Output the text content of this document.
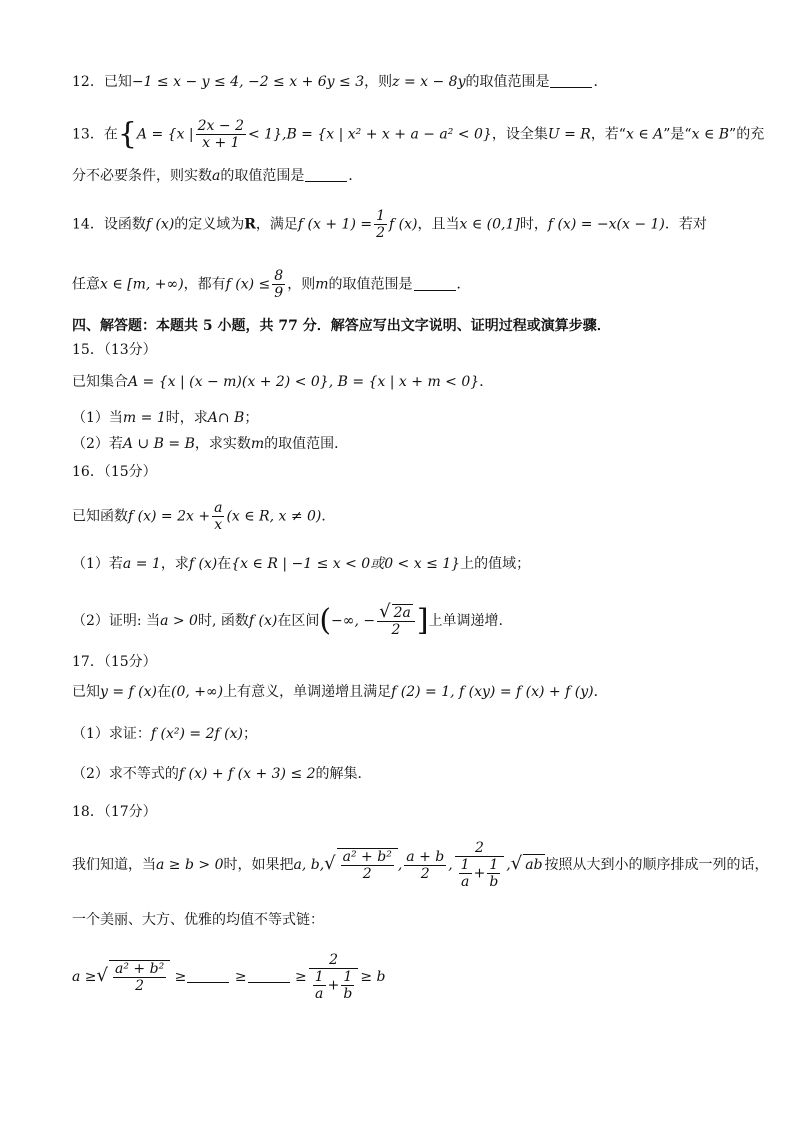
12．已知−1 ≤ x − y ≤ 4, −2 ≤ x + 6y ≤ 3，则z = x − 8y的取值范围是	．
13．在{A = {x | $\frac{2x - 2}{x + 1} < 1\},B = \{x$ | x² + x + a − a² < 0}，设全集U = R，若“x ∈ A”是“x ∈ B”的充
分不必要条件，则实数a的取值范围是	．
14．设函数f (x)的定义域为R，满足f $(x + 1) = \frac{1}{2}$ f (x)，且当x ∈ (0,1]时，f (x) = −x(x − 1)．若对
任意x ∈ [m, +∞)，都有f $(x) \le \frac{8}{9}$ ，则m的取值范围是	．
四、解答题：本题共 5 小题，共 77 分．解答应写出文字说明、证明过程或演算步骤．
15．（13分）
已知集合A = {x | (x − m)(x + 2) < 0}, B = {x | x + m < 0}．
（1）当m = 1时，求A∩ B；
（2）若A ∪ B = B，求实数m的取值范围．
16．（15分）
已知函数f $(x) = 2x + \frac{a}{x} (x$ ∈ R, x ≠ 0)．
（1）若a = 1，求f (x)在{x ∈ R | −1 ≤ x < 0或0 < x ≤ 1}上的值域；
（2）证明: 当a > 0时, 函数f (x)在区间(−∞, − $\frac{√ 2a}{2}$ ]上单调递增.
17．（15分）
已知y = f (x)在(0, +∞)上有意义，单调递增且满足f (2) = 1, f (xy) = f (x) + f (y)．
（1）求证：f (x²) = 2f (x)；
（2）求不等式的f (x) + f (x + 3) ≤ 2的解集．
18．（17分）
我们知道，当a ≥ b > 0时，如果把a, $b,√ \frac{\text{a² + b²}}{2}$ , $\frac{a + b}{2}$ , $\frac{2}{\frac{1}{a} + \frac{1}{b}}$ ,√ ab 按照从大到小的顺序排成一列的话，
一个美丽、大方、优雅的均值不等式链：
a ≥√ $\frac{\text{a² + b²}}{2}$ ≥	≥	≥ $\frac{2}{\frac{1}{a} + \frac{1}{b}} \ge b$
